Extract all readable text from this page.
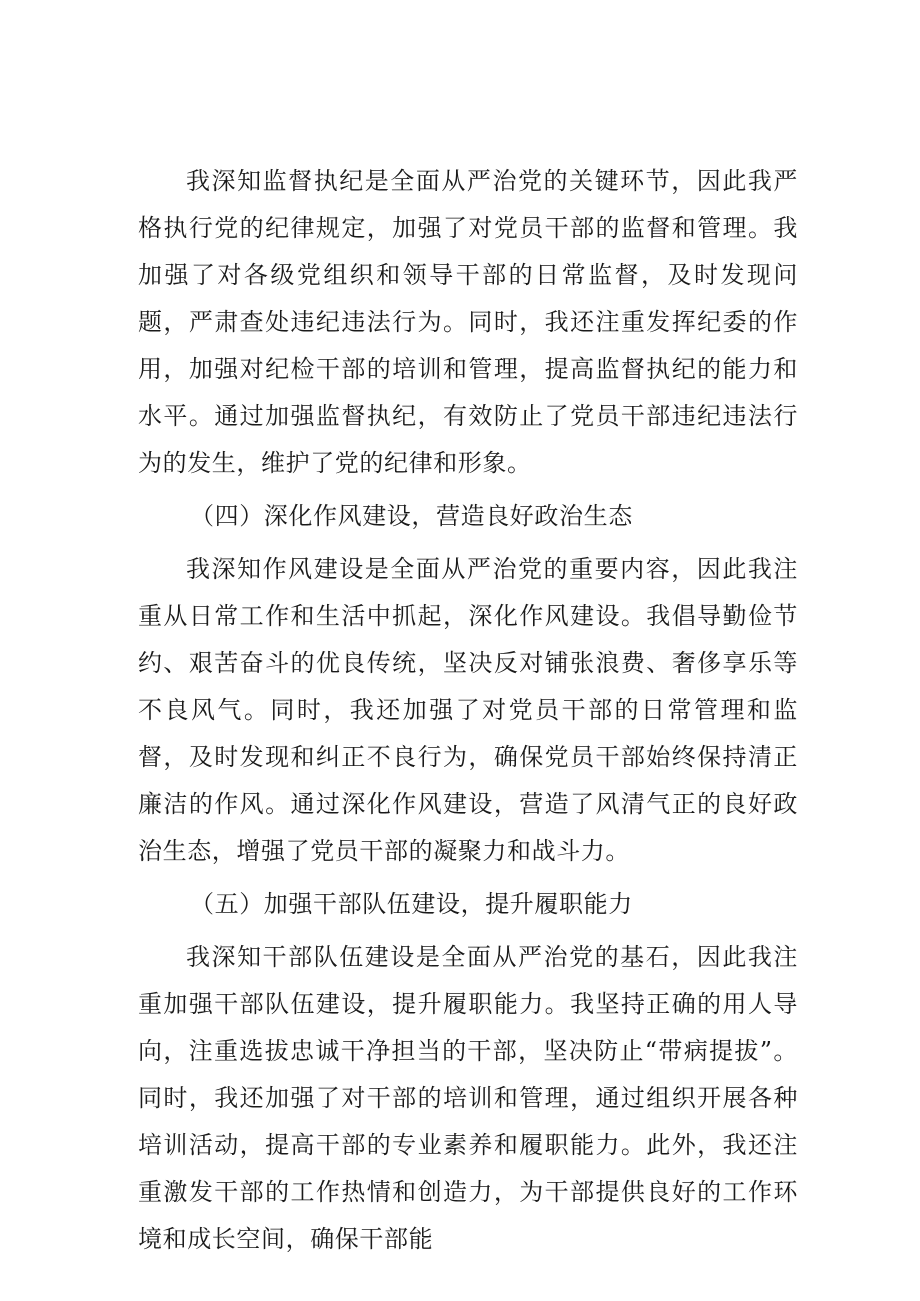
我深知监督执纪是全面从严治党的关键环节，因此我严格执行党的纪律规定，加强了对党员干部的监督和管理。我加强了对各级党组织和领导干部的日常监督，及时发现问题，严肃查处违纪违法行为。同时，我还注重发挥纪委的作用，加强对纪检干部的培训和管理，提高监督执纪的能力和水平。通过加强监督执纪，有效防止了党员干部违纪违法行为的发生，维护了党的纪律和形象。

（四）深化作风建设，营造良好政治生态

我深知作风建设是全面从严治党的重要内容，因此我注重从日常工作和生活中抓起，深化作风建设。我倡导勤俭节约、艰苦奋斗的优良传统，坚决反对铺张浪费、奢侈享乐等不良风气。同时，我还加强了对党员干部的日常管理和监督，及时发现和纠正不良行为，确保党员干部始终保持清正廉洁的作风。通过深化作风建设，营造了风清气正的良好政治生态，增强了党员干部的凝聚力和战斗力。

（五）加强干部队伍建设，提升履职能力

我深知干部队伍建设是全面从严治党的基石，因此我注重加强干部队伍建设，提升履职能力。我坚持正确的用人导向，注重选拔忠诚干净担当的干部，坚决防止“带病提拔”。同时，我还加强了对干部的培训和管理，通过组织开展各种培训活动，提高干部的专业素养和履职能力。此外，我还注重激发干部的工作热情和创造力，为干部提供良好的工作环境和成长空间，确保干部能
